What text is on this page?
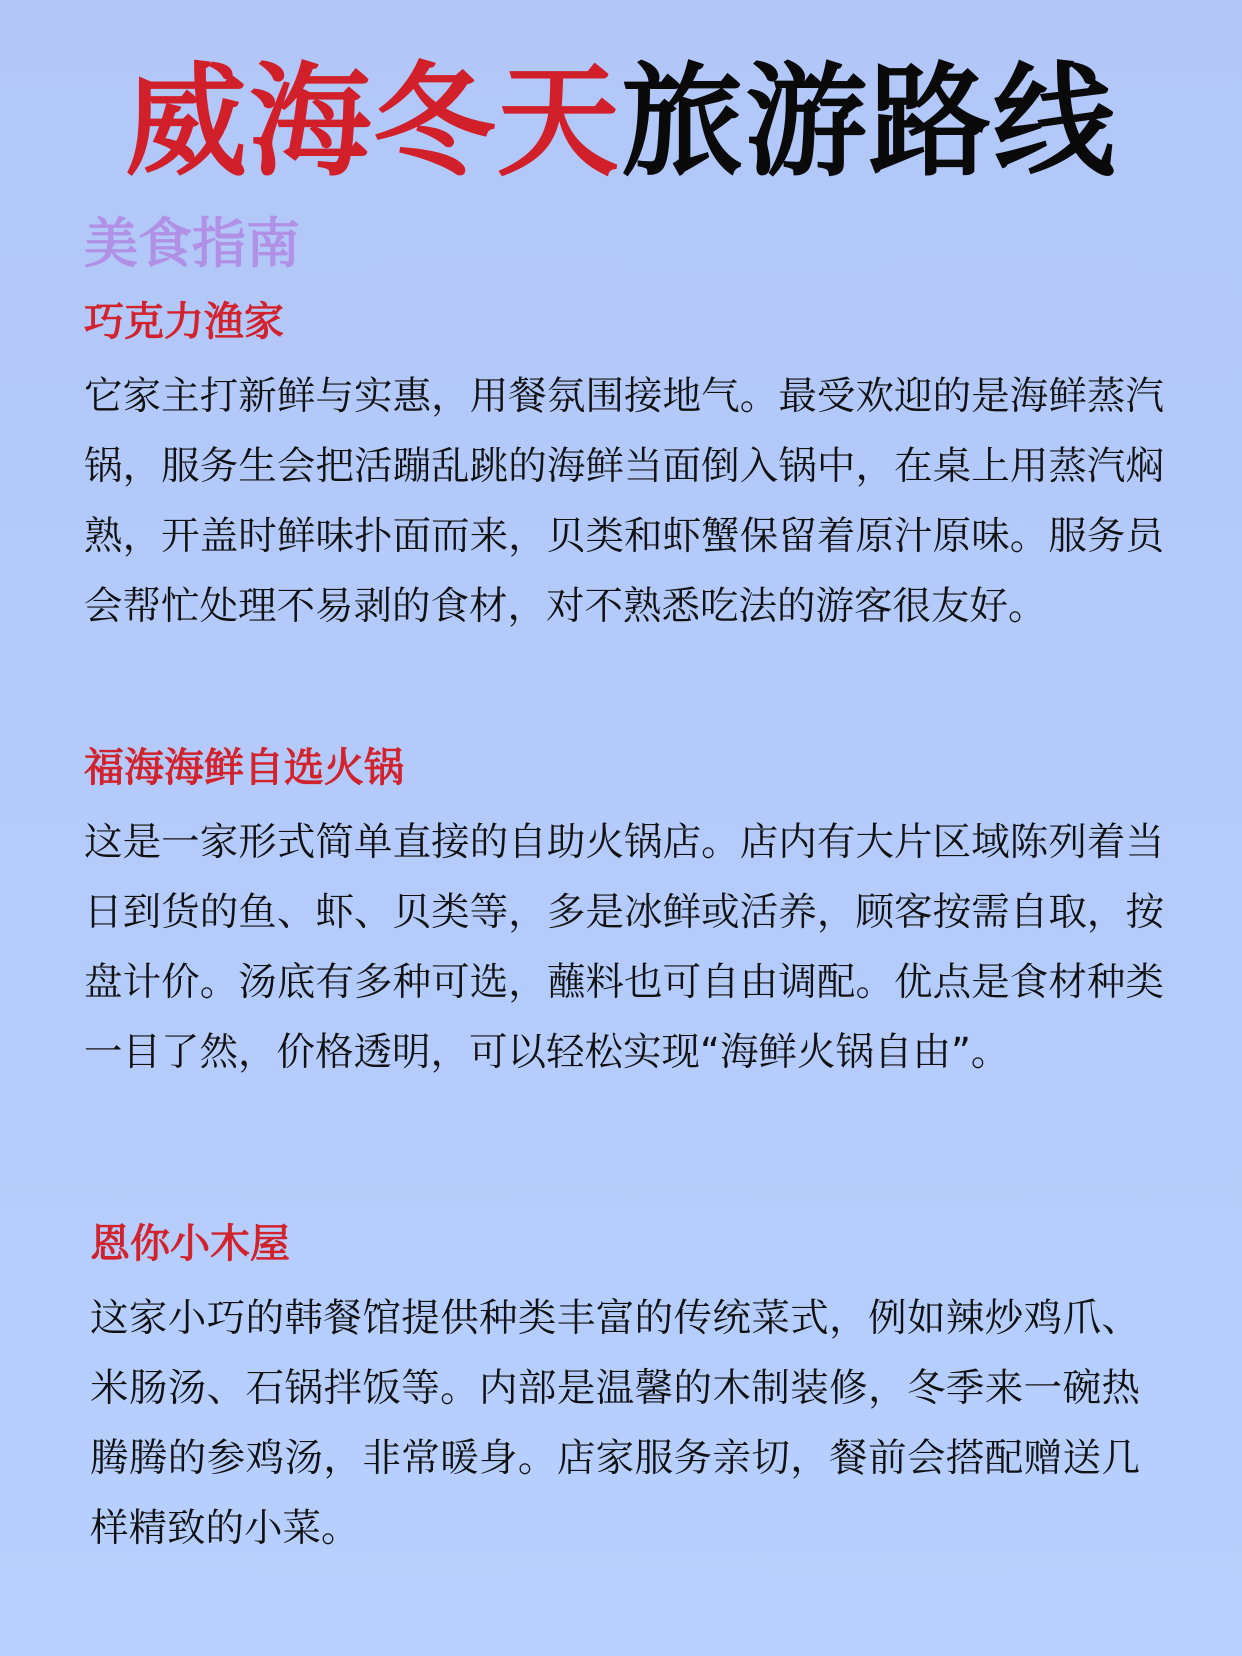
威海冬天旅游路线
美食指南
巧克力渔家
它家主打新鲜与实惠，用餐氛围接地气。最受欢迎的是海鲜蒸汽锅，服务生会把活蹦乱跳的海鲜当面倒入锅中，在桌上用蒸汽焖熟，开盖时鲜味扑面而来，贝类和虾蟹保留着原汁原味。服务员会帮忙处理不易剥的食材，对不熟悉吃法的游客很友好。
福海海鲜自选火锅
这是一家形式简单直接的自助火锅店。店内有大片区域陈列着当日到货的鱼、虾、贝类等，多是冰鲜或活养，顾客按需自取，按盘计价。汤底有多种可选，蘸料也可自由调配。优点是食材种类一目了然，价格透明，可以轻松实现“海鲜火锅自由”。
恩你小木屋
这家小巧的韩餐馆提供种类丰富的传统菜式，例如辣炒鸡爪、米肠汤、石锅拌饭等。内部是温馨的木制装修，冬季来一碗热腾腾的参鸡汤，非常暖身。店家服务亲切，餐前会搭配赠送几样精致的小菜。
